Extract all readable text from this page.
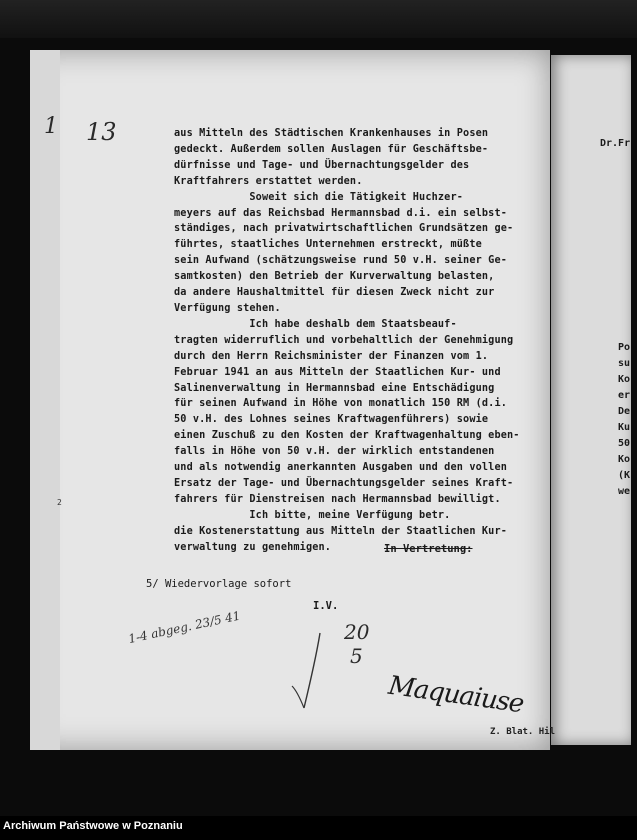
Dr.Fr
Po
su
Ko
er
De
Ku
50
Ko
(K
we
1 13
2
aus Mitteln des Städtischen Krankenhauses in Posen
gedeckt. Außerdem sollen Auslagen für Geschäftsbe-
dürfnisse und Tage- und Übernachtungsgelder des
Kraftfahrers erstattet werden.
Soweit sich die Tätigkeit Huchzer-
meyers auf das Reichsbad Hermannsbad d.i. ein selbst-
ständiges, nach privatwirtschaftlichen Grundsätzen ge-
führtes, staatliches Unternehmen erstreckt, müßte
sein Aufwand (schätzungsweise rund 50 v.H. seiner Ge-
samtkosten) den Betrieb der Kurverwaltung belasten,
da andere Haushaltmittel für diesen Zweck nicht zur
Verfügung stehen.
Ich habe deshalb dem Staatsbeauf-
tragten widerruflich und vorbehaltlich der Genehmigung
durch den Herrn Reichsminister der Finanzen vom 1.
Februar 1941 an aus Mitteln der Staatlichen Kur- und
Salinenverwaltung in Hermannsbad eine Entschädigung
für seinen Aufwand in Höhe von monatlich 150 RM (d.i.
50 v.H. des Lohnes seines Kraftwagenführers) sowie
einen Zuschuß zu den Kosten der Kraftwagenhaltung eben-
falls in Höhe von 50 v.H. der wirklich entstandenen
und als notwendig anerkannten Ausgaben und den vollen
Ersatz der Tage- und Übernachtungsgelder seines Kraft-
fahrers für Dienstreisen nach Hermannsbad bewilligt.
Ich bitte, meine Verfügung betr.
die Kostenerstattung aus Mitteln der Staatlichen Kur-
verwaltung zu genehmigen.	In Vertretung:
5/ Wiedervorlage sofort
I.V.
1-4 abgeg. 23/5 41	20
5
Maquaiuse
Z. Blat. Hil
Archiwum Państwowe w Poznaniu
